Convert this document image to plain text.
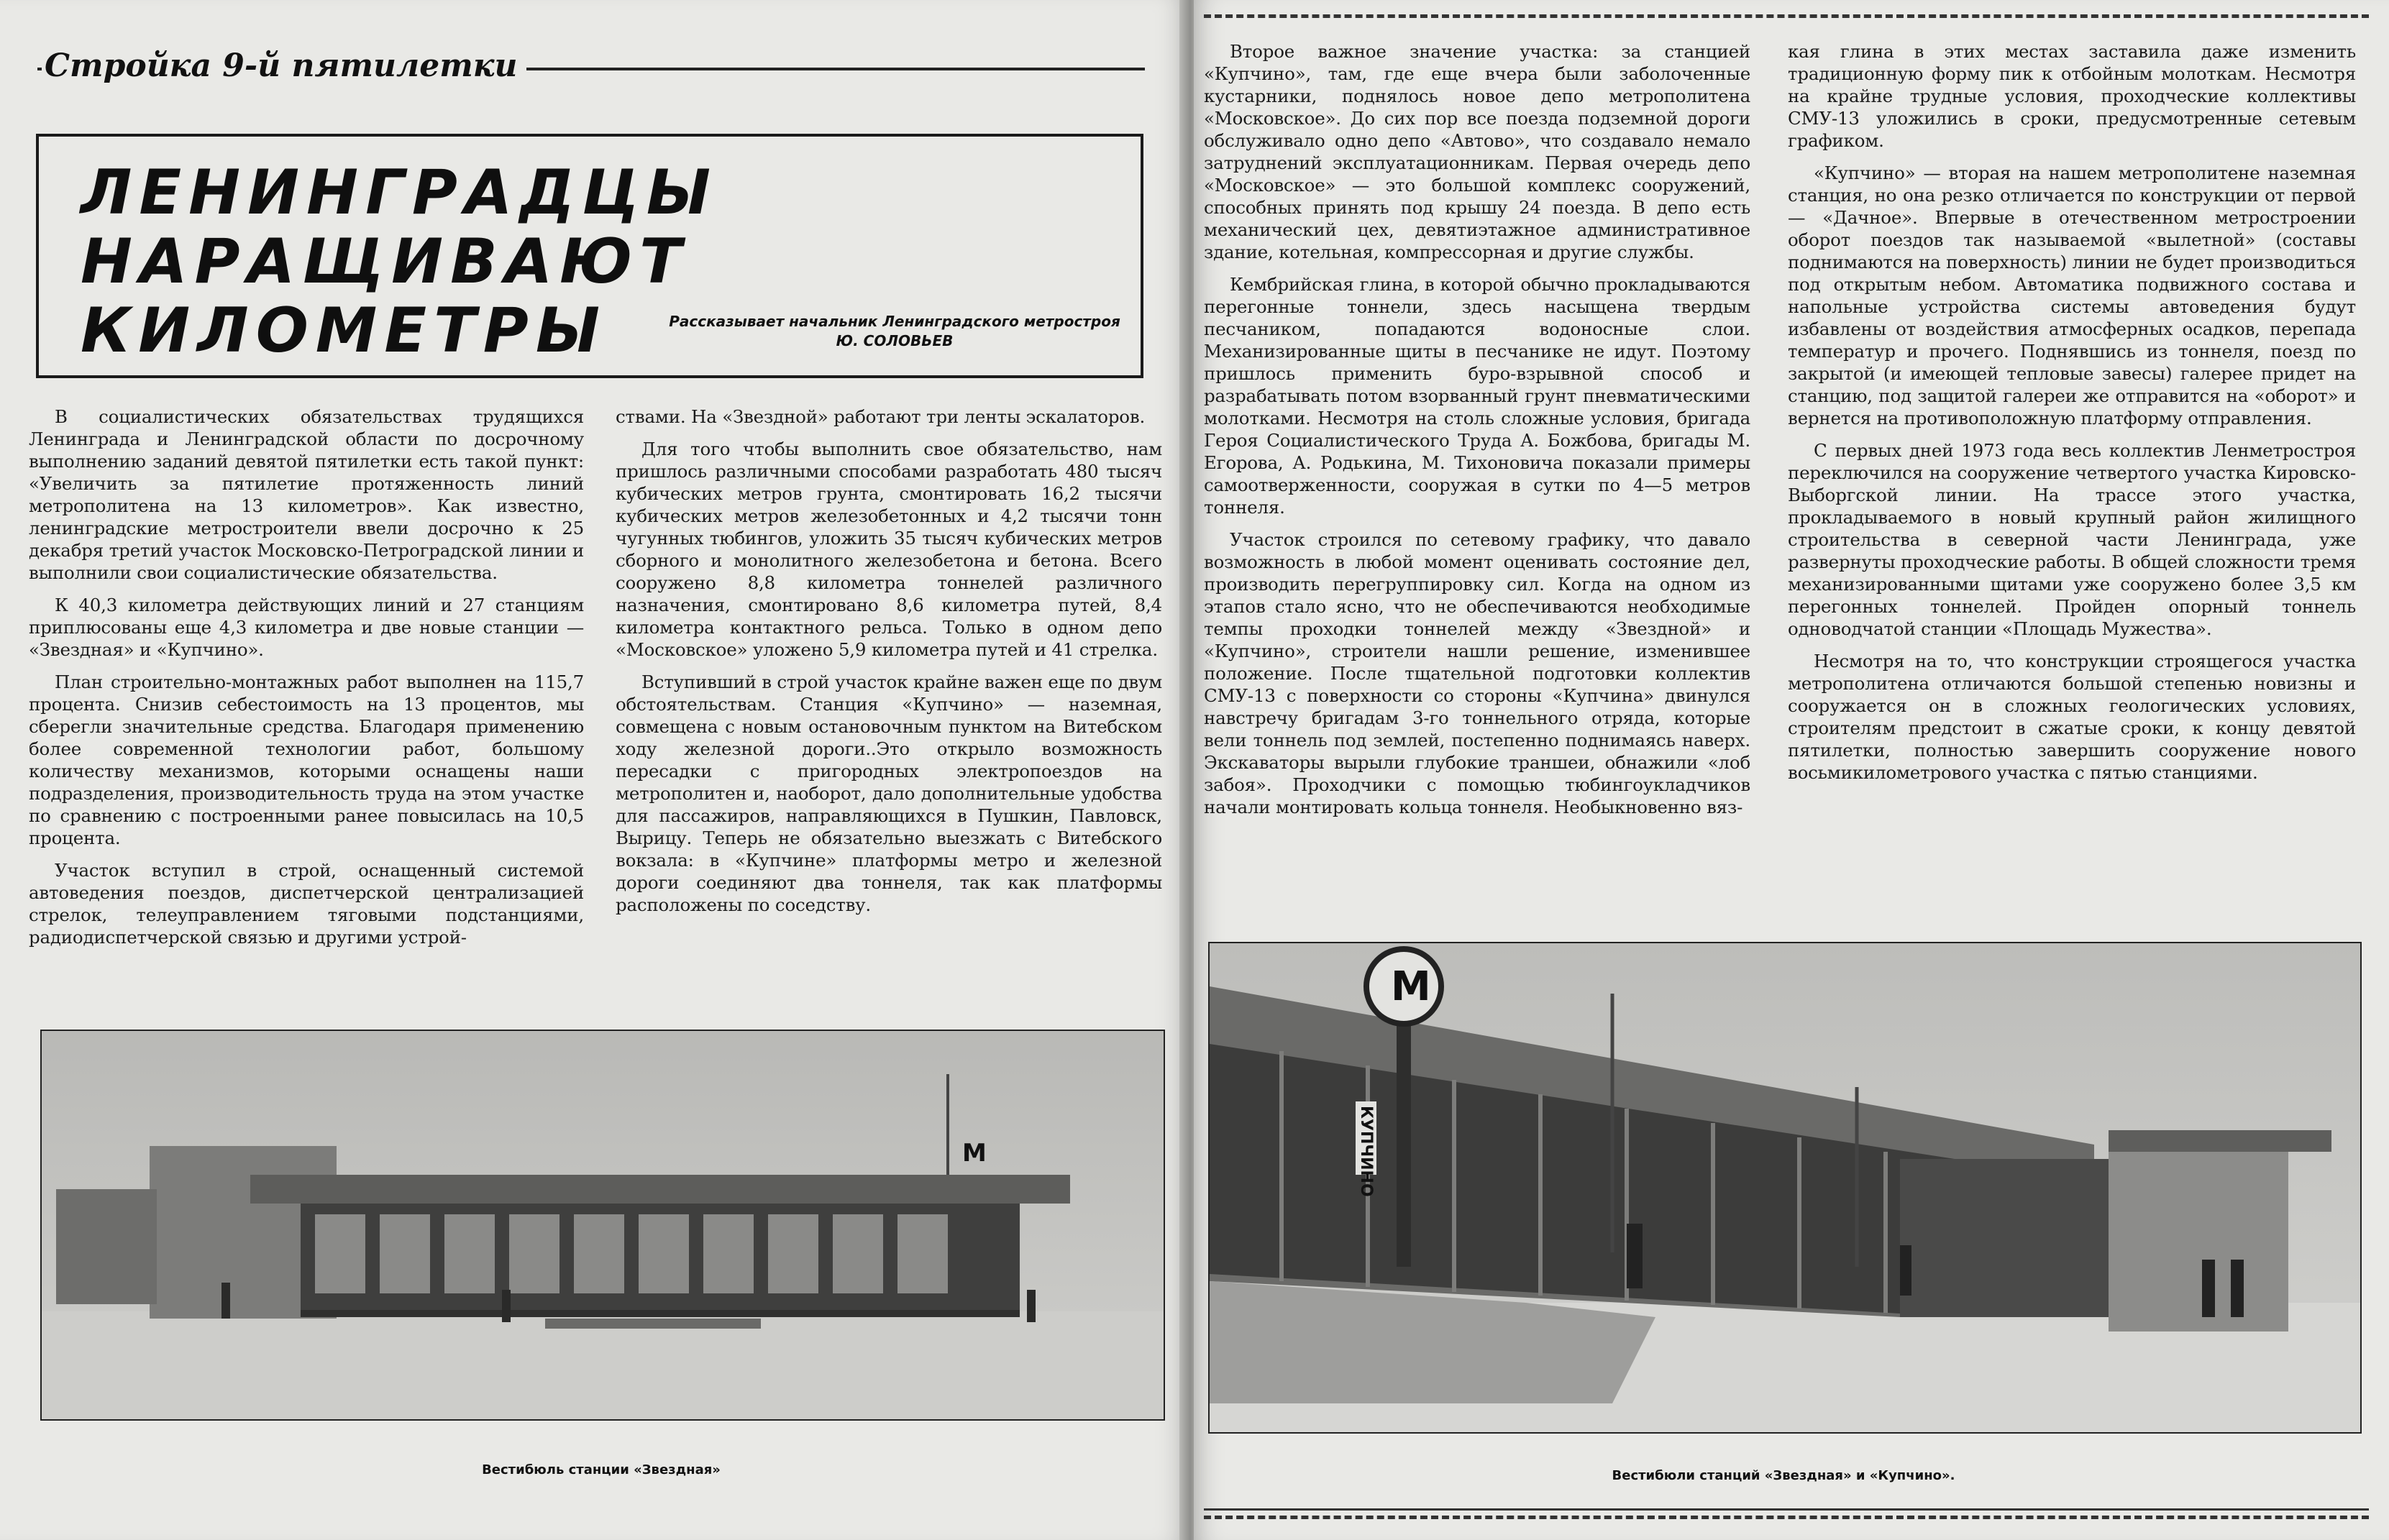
Стройка 9-й пятилетки
ЛЕНИНГРАДЦЫ
НАРАЩИВАЮТ
КИЛОМЕТРЫ	Рассказывает начальник Ленинградского метростроя
Ю. СОЛОВЬЕВ

В социалистических обязательствах трудящихся Ленинграда и Ленинградской области по досрочному выполнению заданий девятой пятилетки есть такой пункт: «Увеличить за пятилетие протяженность линий метрополитена на 13 километров». Как известно, ленинградские метростроители ввели досрочно к 25 декабря третий участок Московско-Петроградской линии и выполнили свои социалистические обязательства.

К 40,3 километра действующих линий и 27 станциям приплюсованы еще 4,3 километра и две новые станции — «Звездная» и «Купчино».

План строительно-монтажных работ выполнен на 115,7 процента. Снизив себестоимость на 13 процентов, мы сберегли значительные средства. Благодаря применению более современной технологии работ, большому количеству механизмов, которыми оснащены наши подразделения, производительность труда на этом участке по сравнению с построенными ранее повысилась на 10,5 процента.

Участок вступил в строй, оснащенный системой автоведения поездов, диспетчерской централизацией стрелок, телеуправлением тяговыми подстанциями, радиодиспетчерской связью и другими устрой-

ствами. На «Звездной» работают три ленты эскалаторов.

Для того чтобы выполнить свое обязательство, нам пришлось различными способами разработать 480 тысяч кубических метров грунта, смонтировать 16,2 тысячи кубических метров железобетонных и 4,2 тысячи тонн чугунных тюбингов, уложить 35 тысяч кубических метров сборного и монолитного железобетона и бетона. Всего сооружено 8,8 километра тоннелей различного назначения, смонтировано 8,6 километра путей, 8,4 километра контактного рельса. Только в одном депо «Московское» уложено 5,9 километра путей и 41 стрелка.

Вступивший в строй участок крайне важен еще по двум обстоятельствам. Станция «Купчино» — наземная, совмещена с новым остановочным пунктом на Витебском ходу железной дороги..Это открыло возможность пересадки с пригородных электропоездов на метрополитен и, наоборот, дало дополнительные удобства для пассажиров, направляющихся в Пушкин, Павловск, Вырицу. Теперь не обязательно выезжать с Витебского вокзала: в «Купчине» платформы метро и железной дороги соединяют два тоннеля, так как платформы расположены по соседству.

М
Вестибюль станции «Звездная»

Второе важное значение участка: за станцией «Купчино», там, где еще вчера были заболоченные кустарники, поднялось новое депо метрополитена «Московское». До сих пор все поезда подземной дороги обслуживало одно депо «Автово», что создавало немало затруднений эксплуатационникам. Первая очередь депо «Московское» — это большой комплекс сооружений, способных принять под крышу 24 поезда. В депо есть механический цех, девятиэтажное административное здание, котельная, компрессорная и другие службы.

Кембрийская глина, в которой обычно прокладываются перегонные тоннели, здесь насыщена твердым песчаником, попадаются водоносные слои. Механизированные щиты в песчанике не идут. Поэтому пришлось применить буро-взрывной способ и разрабатывать потом взорванный грунт пневматическими молотками. Несмотря на столь сложные условия, бригада Героя Социалистического Труда А. Божбова, бригады М. Егорова, А. Родькина, М. Тихоновича показали примеры самоотверженности, сооружая в сутки по 4—5 метров тоннеля.

Участок строился по сетевому графику, что давало возможность в любой момент оценивать состояние дел, производить перегруппировку сил. Когда на одном из этапов стало ясно, что не обеспечиваются необходимые темпы проходки тоннелей между «Звездной» и «Купчино», строители нашли решение, изменившее положение. После тщательной подготовки коллектив СМУ-13 с поверхности со стороны «Купчина» двинулся навстречу бригадам 3-го тоннельного отряда, которые вели тоннель под землей, постепенно поднимаясь наверх. Экскаваторы вырыли глубокие траншеи, обнажили «лоб забоя». Проходчики с помощью тюбингоукладчиков начали монтировать кольца тоннеля. Необыкновенно вяз-

кая глина в этих местах заставила даже изменить традиционную форму пик к отбойным молоткам. Несмотря на крайне трудные условия, проходческие коллективы СМУ-13 уложились в сроки, предусмотренные сетевым графиком.

«Купчино» — вторая на нашем метрополитене наземная станция, но она резко отличается по конструкции от первой — «Дачное». Впервые в отечественном метростроении оборот поездов так называемой «вылетной» (составы поднимаются на поверхность) линии не будет производиться под открытым небом. Автоматика подвижного состава и напольные устройства системы автоведения будут избавлены от воздействия атмосферных осадков, перепада температур и прочего. Поднявшись из тоннеля, поезд по закрытой (и имеющей тепловые завесы) галерее придет на станцию, под защитой галереи же отправится на «оборот» и вернется на противоположную платформу отправления.

С первых дней 1973 года весь коллектив Ленметростроя переключился на сооружение четвертого участка Кировско-Выборгской линии. На трассе этого участка, прокладываемого в новый крупный район жилищного строительства в северной части Ленинграда, уже развернуты проходческие работы. В общей сложности тремя механизированными щитами уже сооружено более 3,5 км перегонных тоннелей. Пройден опорный тоннель одноводчатой станции «Площадь Мужества».

Несмотря на то, что конструкции строящегося участка метрополитена отличаются большой степенью новизны и сооружается он в сложных геологических условиях, строителям предстоит в сжатые сроки, к концу девятой пятилетки, полностью завершить сооружение нового восьмикилометрового участка с пятью станциями.

М
КУПЧИНО
Вестибюли станций «Звездная» и «Купчино».
